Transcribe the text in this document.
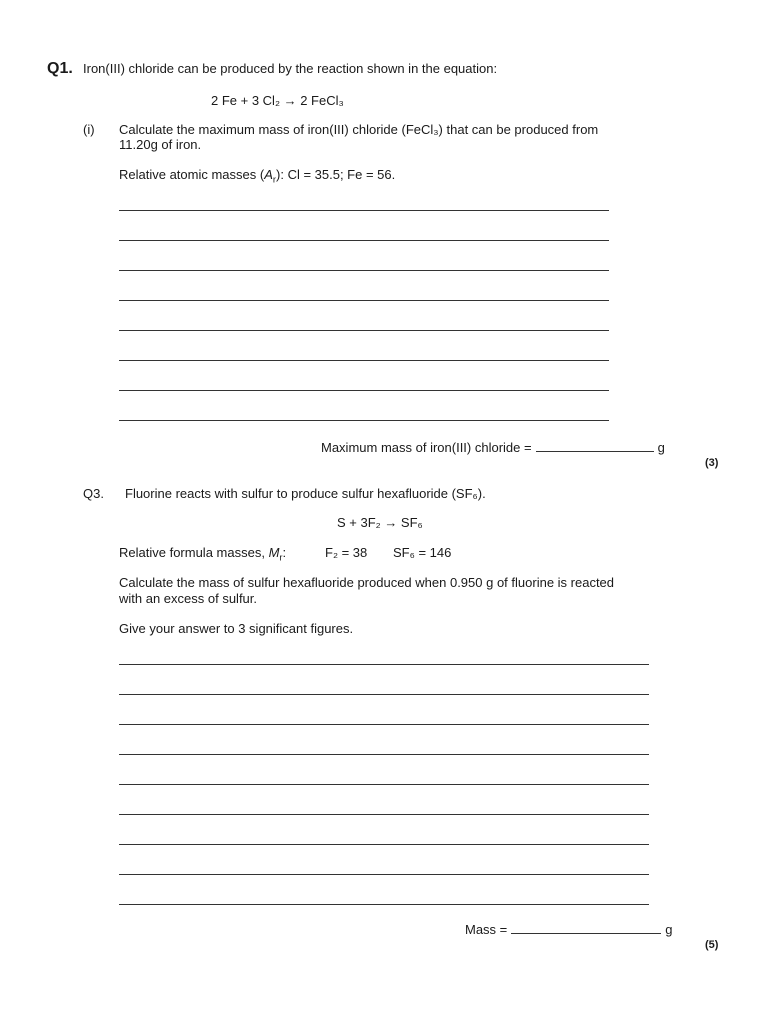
Q1. Iron(III) chloride can be produced by the reaction shown in the equation:
2 Fe + 3 Cl₂ → 2 FeCl₃
(i) Calculate the maximum mass of iron(III) chloride (FeCl₃) that can be produced from
11.20g of iron.
Relative atomic masses $(A_r)$: Cl = 35.5; Fe = 56.
Maximum mass of iron(III) chloride =	g
(3)
Q3. Fluorine reacts with sulfur to produce sulfur hexafluoride (SF₆).
S + 3F₂ → SF₆
Relative formula masses, $M_r$:	F₂ = 38 SF₆ = 146
Calculate the mass of sulfur hexafluoride produced when 0.950 g of fluorine is reacted
with an excess of sulfur.
Give your answer to 3 significant figures.
Mass =	g
(5)
